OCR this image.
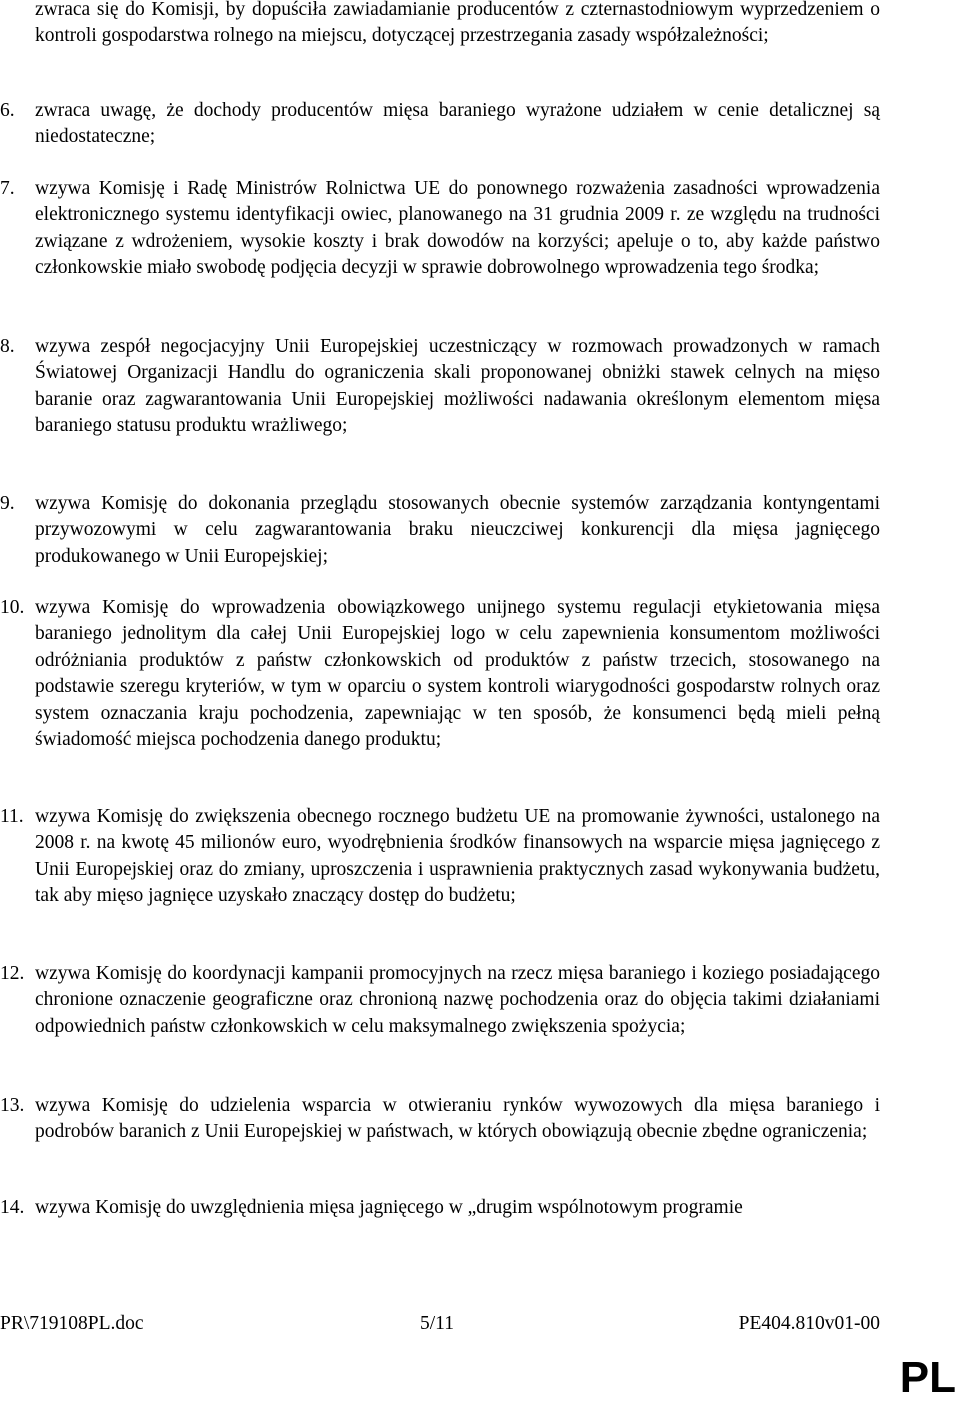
zwraca się do Komisji, by dopuściła zawiadamianie producentów z czternastodniowym wyprzedzeniem o kontroli gospodarstwa rolnego na miejscu, dotyczącej przestrzegania zasady współzależności;
6. zwraca uwagę, że dochody producentów mięsa baraniego wyrażone udziałem w cenie detalicznej są niedostateczne;
7. wzywa Komisję i Radę Ministrów Rolnictwa UE do ponownego rozważenia zasadności wprowadzenia elektronicznego systemu identyfikacji owiec, planowanego na 31 grudnia 2009 r. ze względu na trudności związane z wdrożeniem, wysokie koszty i brak dowodów na korzyści; apeluje o to, aby każde państwo członkowskie miało swobodę podjęcia decyzji w sprawie dobrowolnego wprowadzenia tego środka;
8. wzywa zespół negocjacyjny Unii Europejskiej uczestniczący w rozmowach prowadzonych w ramach Światowej Organizacji Handlu do ograniczenia skali proponowanej obniżki stawek celnych na mięso baranie oraz zagwarantowania Unii Europejskiej możliwości nadawania określonym elementom mięsa baraniego statusu produktu wrażliwego;
9. wzywa Komisję do dokonania przeglądu stosowanych obecnie systemów zarządzania kontyngentami przywozowymi w celu zagwarantowania braku nieuczciwej konkurencji dla mięsa jagnięcego produkowanego w Unii Europejskiej;
10. wzywa Komisję do wprowadzenia obowiązkowego unijnego systemu regulacji etykietowania mięsa baraniego jednolitym dla całej Unii Europejskiej logo w celu zapewnienia konsumentom możliwości odróżniania produktów z państw członkowskich od produktów z państw trzecich, stosowanego na podstawie szeregu kryteriów, w tym w oparciu o system kontroli wiarygodności gospodarstw rolnych oraz system oznaczania kraju pochodzenia, zapewniając w ten sposób, że konsumenci będą mieli pełną świadomość miejsca pochodzenia danego produktu;
11. wzywa Komisję do zwiększenia obecnego rocznego budżetu UE na promowanie żywności, ustalonego na 2008 r. na kwotę 45 milionów euro, wyodrębnienia środków finansowych na wsparcie mięsa jagnięcego z Unii Europejskiej oraz do zmiany, uproszczenia i usprawnienia praktycznych zasad wykonywania budżetu, tak aby mięso jagnięce uzyskało znaczący dostęp do budżetu;
12. wzywa Komisję do koordynacji kampanii promocyjnych na rzecz mięsa baraniego i koziego posiadającego chronione oznaczenie geograficzne oraz chronioną nazwę pochodzenia oraz do objęcia takimi działaniami odpowiednich państw członkowskich w celu maksymalnego zwiększenia spożycia;
13. wzywa Komisję do udzielenia wsparcia w otwieraniu rynków wywozowych dla mięsa baraniego i podrobów baranich z Unii Europejskiej w państwach, w których obowiązują obecnie zbędne ograniczenia;
14. wzywa Komisję do uwzględnienia mięsa jagnięcego w „drugim wspólnotowym programie
PR\719108PL.doc	5/11	PE404.810v01-00
PL
